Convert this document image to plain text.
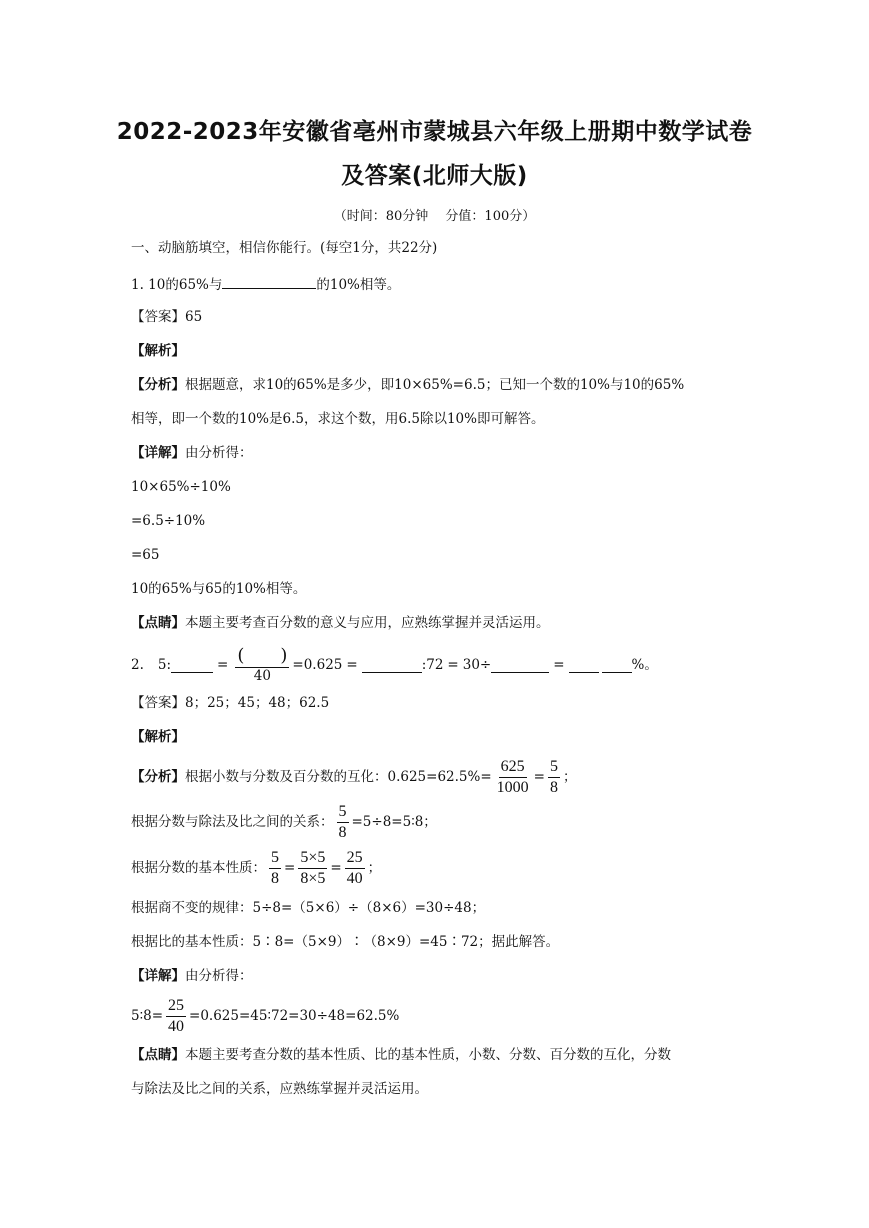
2022-2023年安徽省亳州市蒙城县六年级上册期中数学试卷
及答案(北师大版)
（时间：80分钟　 分值：100分）
一、动脑筋填空，相信你能行。(每空1分，共22分)
1. 10的65%与	的10%相等。
【答案】65
【解析】
【分析】根据题意，求10的65%是多少，即10×65%=6.5；已知一个数的10%与10的65%
相等，即一个数的10%是6.5，求这个数，用6.5除以10%即可解答。
【详解】由分析得：
10×65%÷10%
=6.5÷10%
=65
10的65%与65的10%相等。
【点睛】本题主要考查百分数的意义与应用，应熟练掌握并灵活运用。
2. 5 :	= $\frac{( )}{40} = 0.625$ =	:72 = 30÷	=	%。
【答案】8；25；45；48；62.5
【解析】
【分析】 根据小数与分数及百分数的互化：$0.625=62.5\%= \frac{625}{1000} = \frac{5}{8}$ ；
根据分数与除法及比之间的关系： $\frac{5}{8}$ =5÷8=5∶8；
根据分数的基本性质： $\frac{5}{8} = \frac{5\times 5}{8\times 5} = \frac{25}{40}$ ；
根据商不变的规律：5÷8=（5×6）÷（8×6）=30÷48；
根据比的基本性质：5∶8=（5×9）∶（8×9）=45∶72；据此解答。
【详解】由分析得：
5∶8= $\frac{25}{40}$ =0.625=45∶72=30÷48=62.5%
【点睛】本题主要考查分数的基本性质、比的基本性质，小数、分数、百分数的互化，分数
与除法及比之间的关系，应熟练掌握并灵活运用。
